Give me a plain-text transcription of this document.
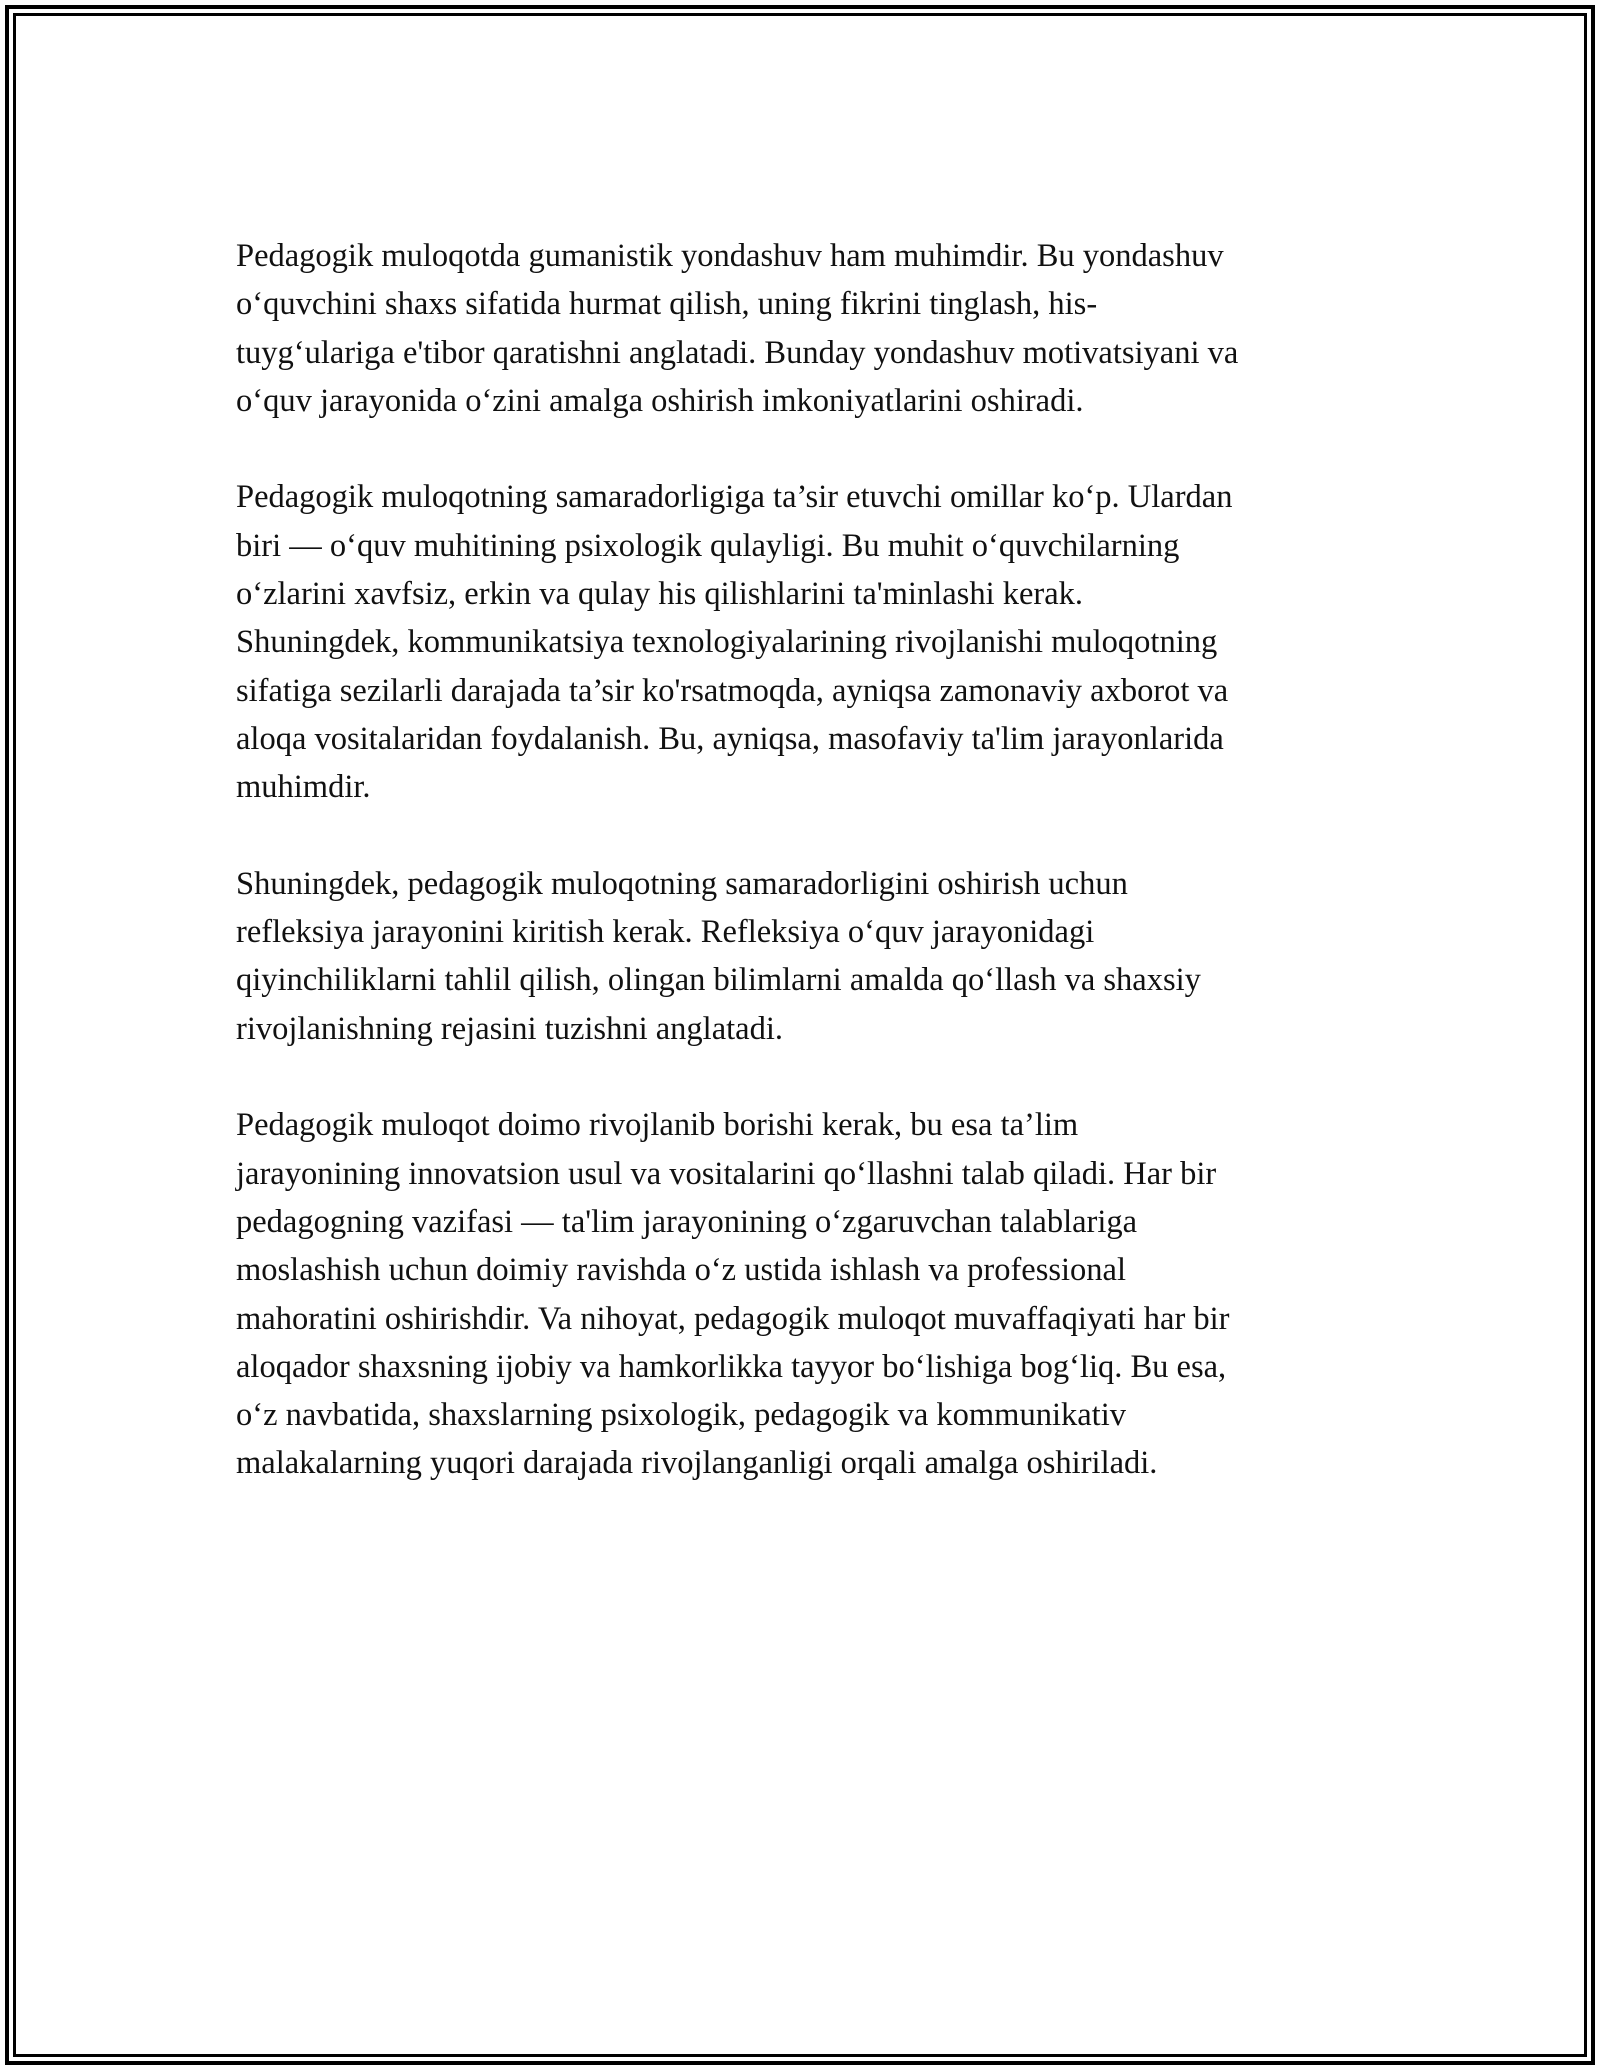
Pedagogik muloqotda gumanistik yondashuv ham muhimdir. Bu yondashuv
o‘quvchini shaxs sifatida hurmat qilish, uning fikrini tinglash, his-
tuyg‘ulariga e'tibor qaratishni anglatadi. Bunday yondashuv motivatsiyani va
o‘quv jarayonida o‘zini amalga oshirish imkoniyatlarini oshiradi.

Pedagogik muloqotning samaradorligiga ta’sir etuvchi omillar ko‘p. Ulardan
biri — o‘quv muhitining psixologik qulayligi. Bu muhit o‘quvchilarning
o‘zlarini xavfsiz, erkin va qulay his qilishlarini ta'minlashi kerak.
Shuningdek, kommunikatsiya texnologiyalarining rivojlanishi muloqotning
sifatiga sezilarli darajada ta’sir ko'rsatmoqda, ayniqsa zamonaviy axborot va
aloqa vositalaridan foydalanish. Bu, ayniqsa, masofaviy ta'lim jarayonlarida
muhimdir.

Shuningdek, pedagogik muloqotning samaradorligini oshirish uchun
refleksiya jarayonini kiritish kerak. Refleksiya o‘quv jarayonidagi
qiyinchiliklarni tahlil qilish, olingan bilimlarni amalda qo‘llash va shaxsiy
rivojlanishning rejasini tuzishni anglatadi.

Pedagogik muloqot doimo rivojlanib borishi kerak, bu esa ta’lim
jarayonining innovatsion usul va vositalarini qo‘llashni talab qiladi. Har bir
pedagogning vazifasi — ta'lim jarayonining o‘zgaruvchan talablariga
moslashish uchun doimiy ravishda o‘z ustida ishlash va professional
mahoratini oshirishdir. Va nihoyat, pedagogik muloqot muvaffaqiyati har bir
aloqador shaxsning ijobiy va hamkorlikka tayyor bo‘lishiga bog‘liq. Bu esa,
o‘z navbatida, shaxslarning psixologik, pedagogik va kommunikativ
malakalarning yuqori darajada rivojlanganligi orqali amalga oshiriladi.
